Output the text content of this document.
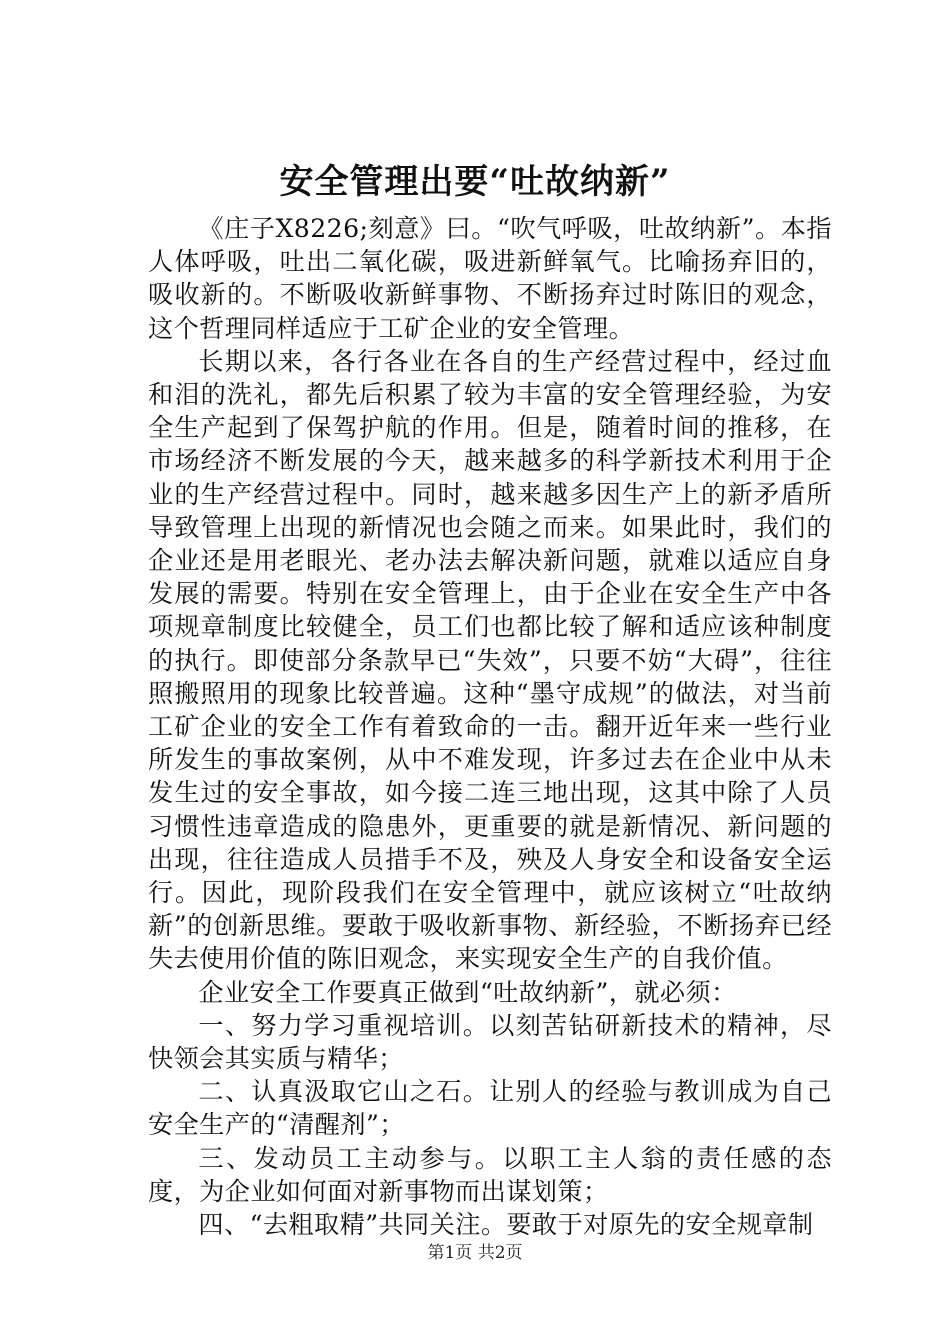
安全管理出要“吐故纳新”

《庄子X8226;刻意》曰。“吹气呼吸，吐故纳新”。本指人体呼吸，吐出二氧化碳，吸进新鲜氧气。比喻扬弃旧的，吸收新的。不断吸收新鲜事物、不断扬弃过时陈旧的观念，这个哲理同样适应于工矿企业的安全管理。

长期以来，各行各业在各自的生产经营过程中，经过血和泪的洗礼，都先后积累了较为丰富的安全管理经验，为安全生产起到了保驾护航的作用。但是，随着时间的推移，在市场经济不断发展的今天，越来越多的科学新技术利用于企业的生产经营过程中。同时，越来越多因生产上的新矛盾所导致管理上出现的新情况也会随之而来。如果此时，我们的企业还是用老眼光、老办法去解决新问题，就难以适应自身发展的需要。特别在安全管理上，由于企业在安全生产中各项规章制度比较健全，员工们也都比较了解和适应该种制度的执行。即使部分条款早已“失效”，只要不妨“大碍”，往往照搬照用的现象比较普遍。这种“墨守成规”的做法，对当前工矿企业的安全工作有着致命的一击。翻开近年来一些行业所发生的事故案例，从中不难发现，许多过去在企业中从未发生过的安全事故，如今接二连三地出现，这其中除了人员习惯性违章造成的隐患外，更重要的就是新情况、新问题的出现，往往造成人员措手不及，殃及人身安全和设备安全运行。因此，现阶段我们在安全管理中，就应该树立“吐故纳新”的创新思维。要敢于吸收新事物、新经验，不断扬弃已经失去使用价值的陈旧观念，来实现安全生产的自我价值。

企业安全工作要真正做到“吐故纳新”，就必须：

一、努力学习重视培训。以刻苦钻研新技术的精神，尽快领会其实质与精华；

二、认真汲取它山之石。让别人的经验与教训成为自己安全生产的“清醒剂”；

三、发动员工主动参与。以职工主人翁的责任感的态度，为企业如何面对新事物而出谋划策；

四、“去粗取精”共同关注。要敢于对原先的安全规章制

第1页 共2页
